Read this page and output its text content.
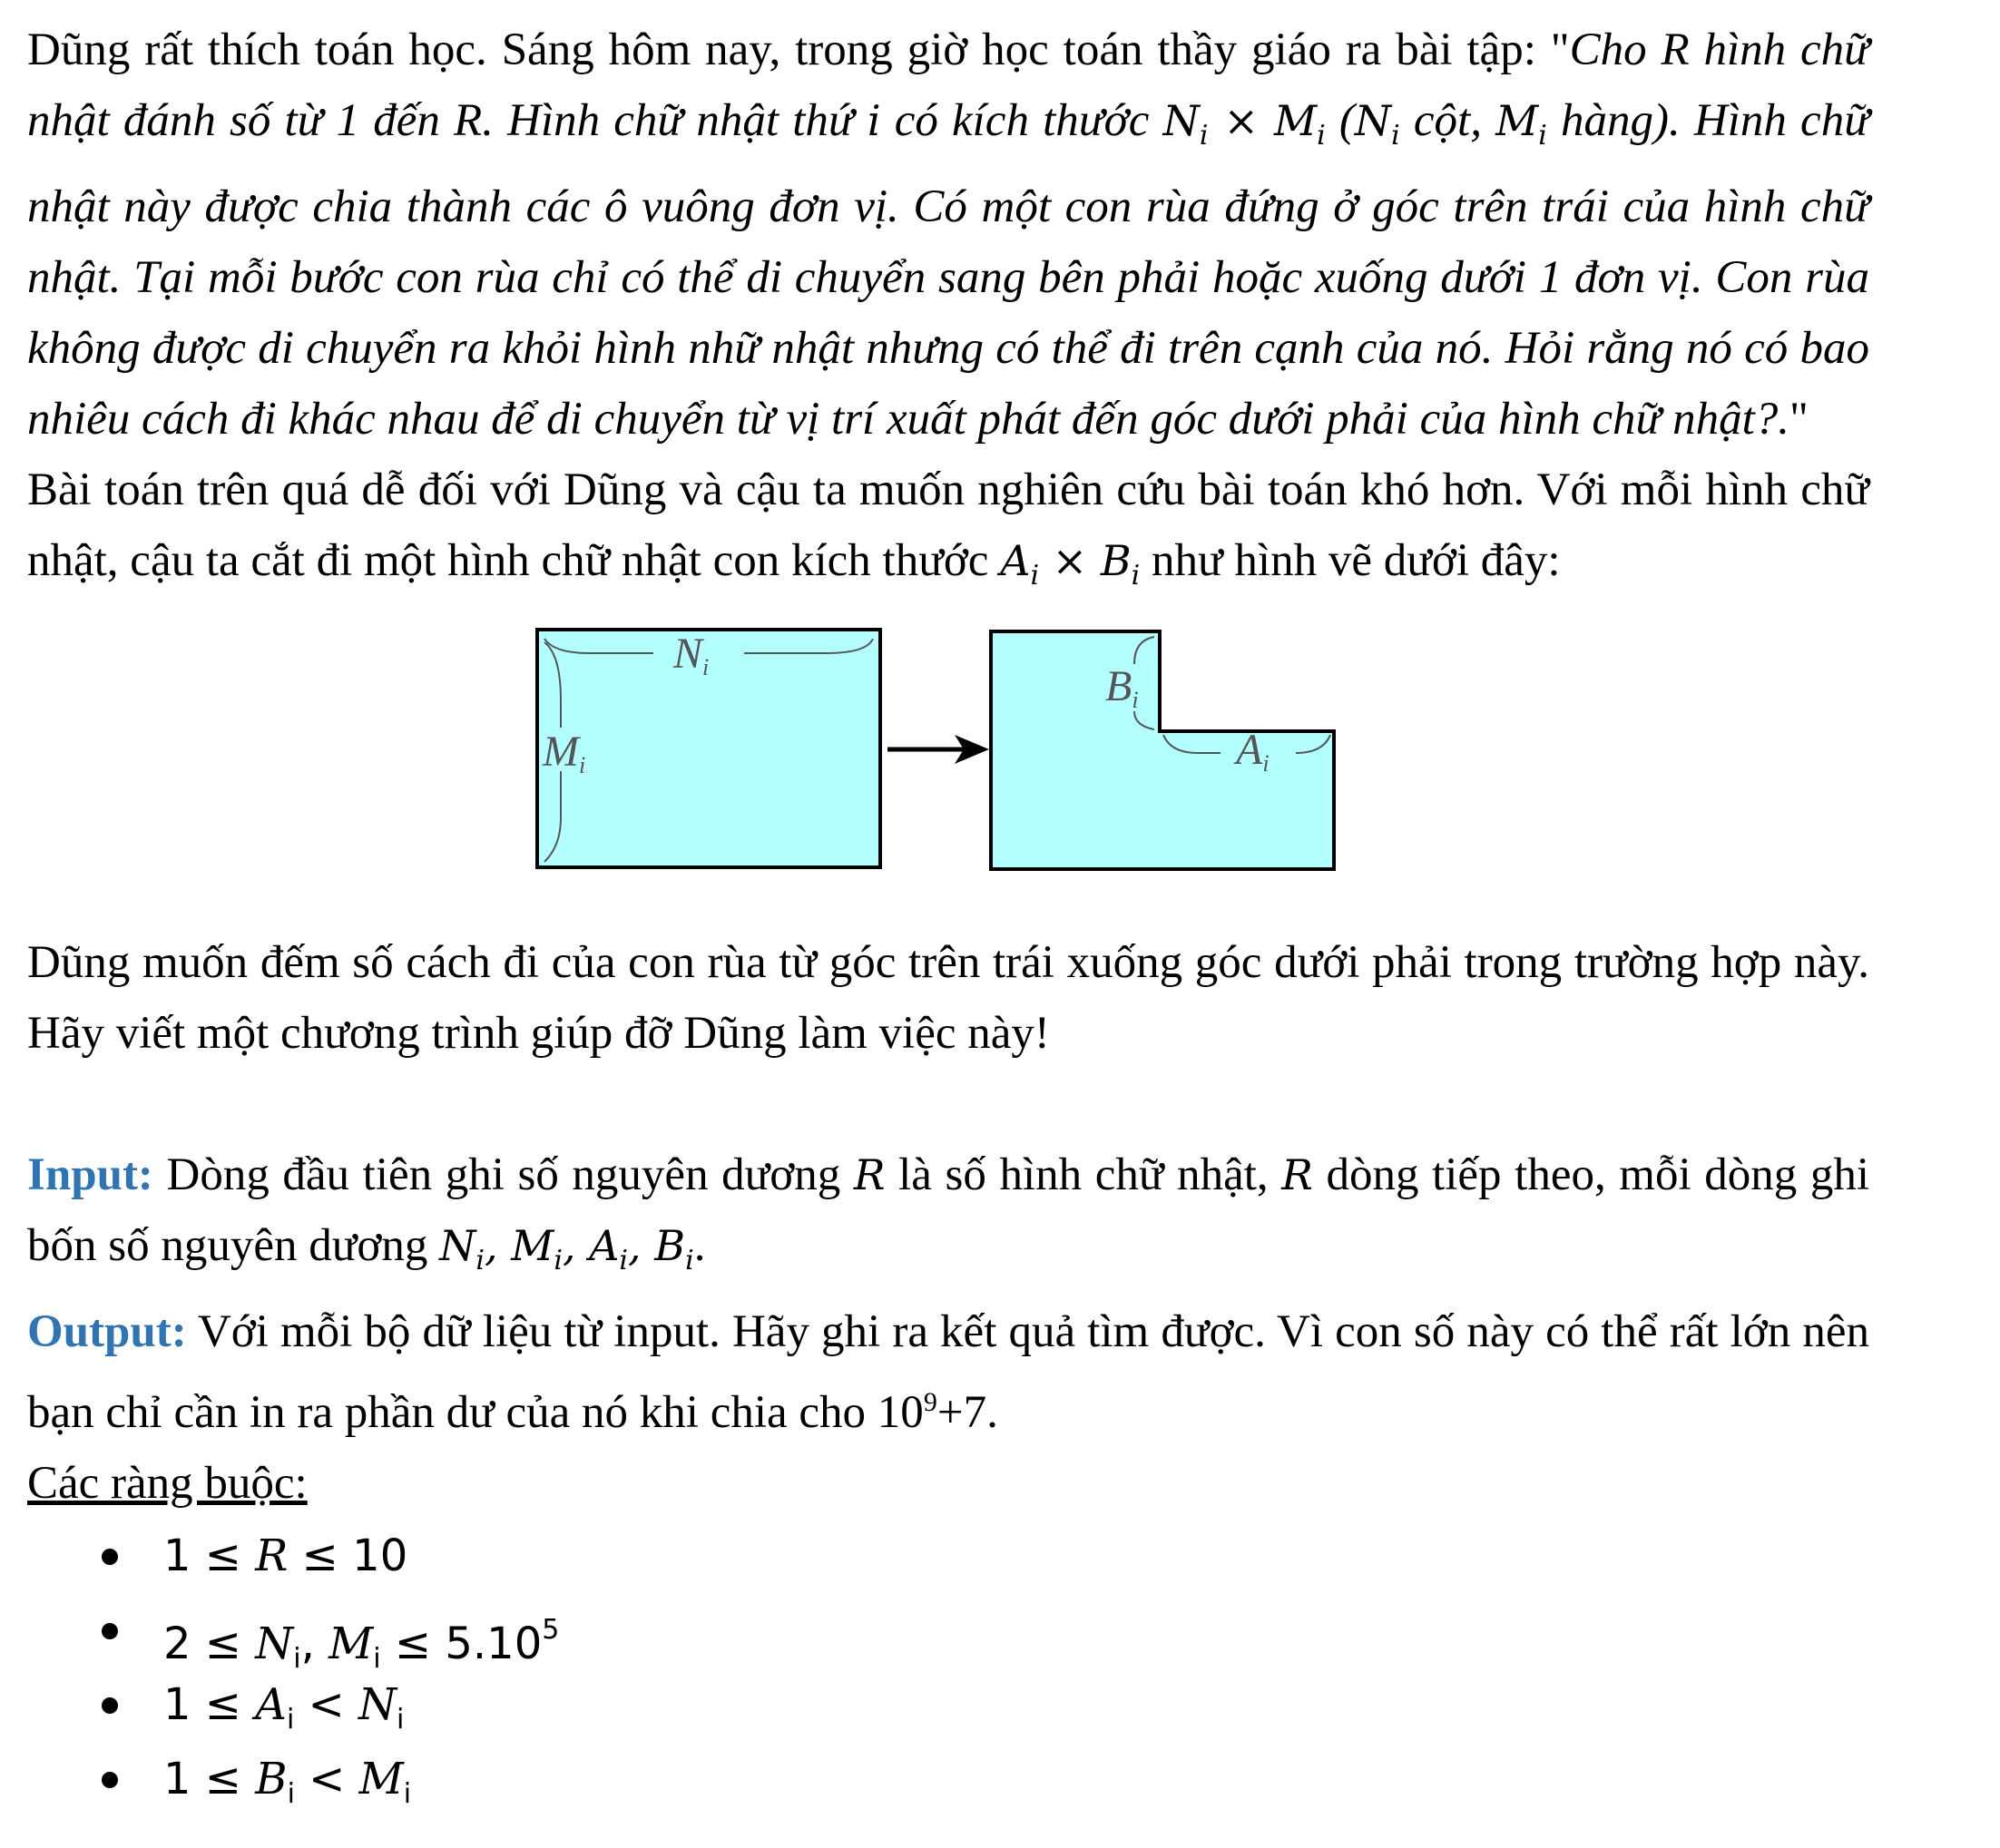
Dũng rất thích toán học. Sáng hôm nay, trong giờ học toán thầy giáo ra bài tập: "Cho R hình chữ nhật đánh số từ 1 đến R. Hình chữ nhật thứ i có kích thước $N_i \times M_i$ ($N_i$ cột, $M_i$ hàng). Hình chữ nhật này được chia thành các ô vuông đơn vị. Có một con rùa đứng ở góc trên trái của hình chữ nhật. Tại mỗi bước con rùa chỉ có thể di chuyển sang bên phải hoặc xuống dưới 1 đơn vị. Con rùa không được di chuyển ra khỏi hình nhữ nhật nhưng có thể đi trên cạnh của nó. Hỏi rằng nó có bao nhiêu cách đi khác nhau để di chuyển từ vị trí xuất phát đến góc dưới phải của hình chữ nhật?."

Bài toán trên quá dễ đối với Dũng và cậu ta muốn nghiên cứu bài toán khó hơn. Với mỗi hình chữ nhật, cậu ta cắt đi một hình chữ nhật con kích thước $A_i \times B_i$ như hình vẽ dưới đây:

Ni
Mi
Bi
Ai

Dũng muốn đếm số cách đi của con rùa từ góc trên trái xuống góc dưới phải trong trường hợp này. Hãy viết một chương trình giúp đỡ Dũng làm việc này!

Input: Dòng đầu tiên ghi số nguyên dương R là số hình chữ nhật, R dòng tiếp theo, mỗi dòng ghi bốn số nguyên dương $N_i$, $M_i$, $A_i$, $B_i$.

Output: Với mỗi bộ dữ liệu từ input. Hãy ghi ra kết quả tìm được. Vì con số này có thể rất lớn nên bạn chỉ cần in ra phần dư của nó khi chia cho $10^9+7$.

Các ràng buộc:

1 ≤ R ≤ 10
$2 \le N_i$, $M_i \le 5.10^5$
$1 \le A_i < N_i$
$1 \le B_i < M_i$
